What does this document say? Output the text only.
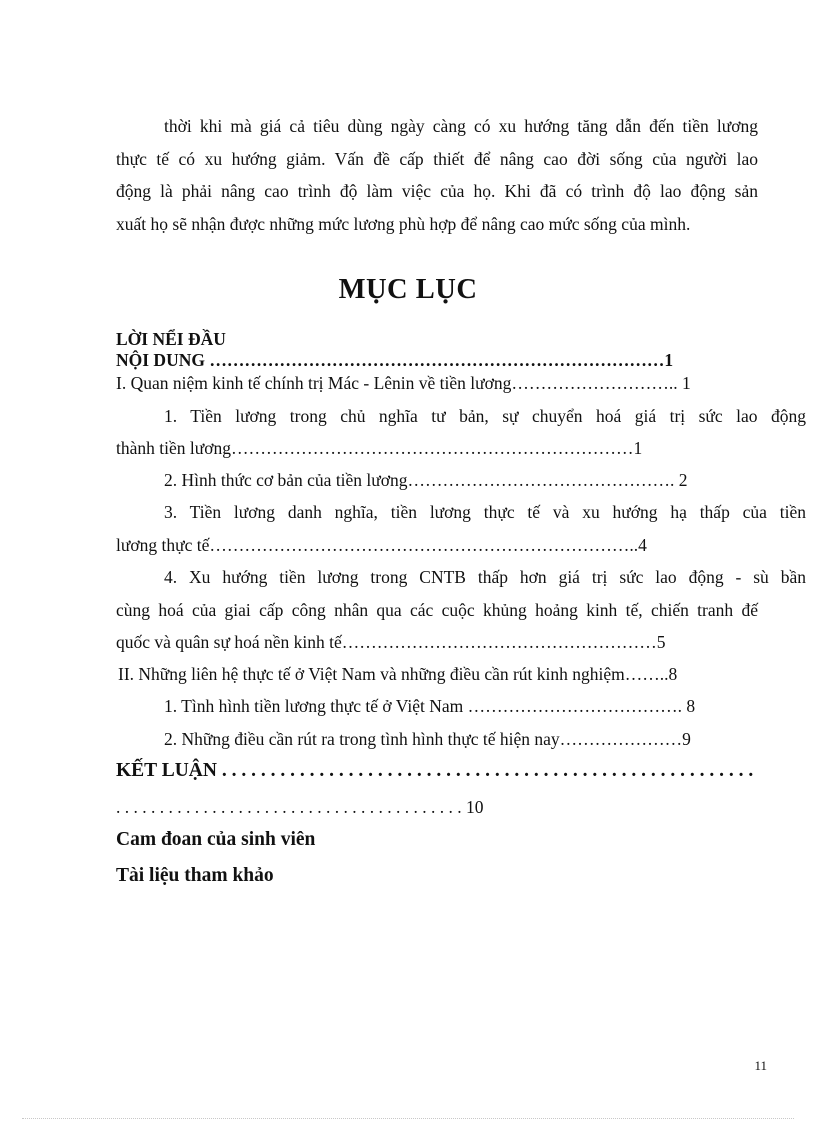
thời khi mà giá cả tiêu dùng ngày càng có xu hướng tăng dẫn đến tiền lương
thực tế có xu hướng giảm. Vấn đề cấp thiết để nâng cao đời sống của người lao
động là phải nâng cao trình độ làm việc của họ. Khi đã có trình độ lao động sản
xuất họ sẽ nhận được những mức lương phù hợp để nâng cao mức sống của mình.
MỤC LỤC
LỜI NỂI ĐẦU
NỘI DUNG ……………………………………………………………………1
I. Quan niệm kinh tế chính trị Mác - Lênin về tiền lương……………………….. 1
1. Tiền lương trong chủ nghĩa tư bản, sự chuyển hoá giá trị sức lao động
thành tiền lương……………………………………………………………1
2. Hình thức cơ bản của tiền lương………………………………………. 2
3. Tiền lương danh nghĩa, tiền lương thực tế và xu hướng hạ thấp của tiền
lương thực tế………………………………………………………………..4
4. Xu hướng tiền lương trong CNTB thấp hơn giá trị sức lao động - sù bần
cùng hoá của giai cấp công nhân qua các cuộc khủng hoảng kinh tế, chiến tranh đế
quốc và quân sự hoá nền kinh tế………………………………………………5
II. Những liên hệ thực tế ở Việt Nam và những điều cần rút kinh nghiệm……..8
1. Tình hình tiền lương thực tế ở Việt Nam ………………………………. 8
2. Những điều cần rút ra trong tình hình thực tế hiện nay…………………9
KẾT LUẬN . . . . . . . . . . . . . . . . . . . . . . . . . . . . . . . . . . . . . . . . . . . . . . . . . . . . . . .
. . . . . . . . . . . . . . . . . . . . . . . . . . . . . . . . . . . . . . . . 10
Cam đoan của sinh viên
Tài liệu tham khảo
11
